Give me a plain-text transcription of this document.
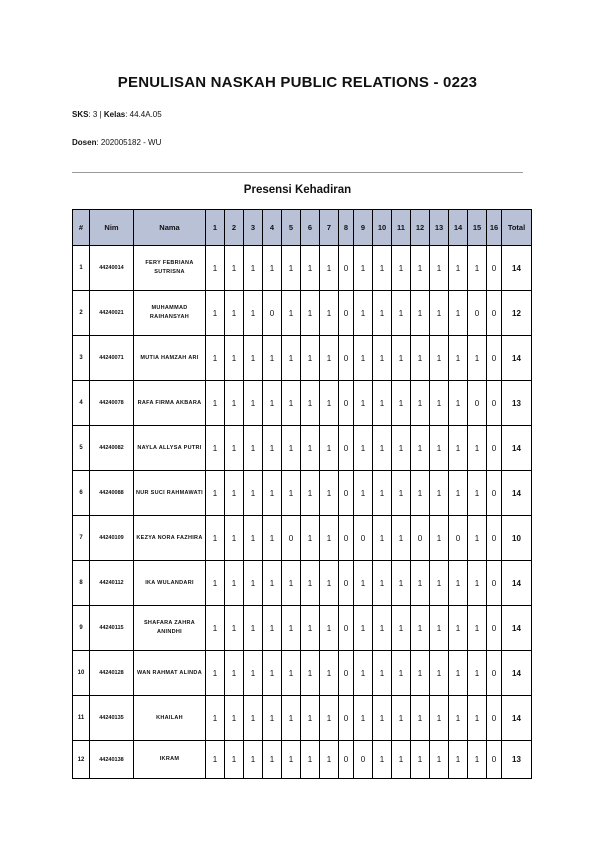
PENULISAN NASKAH PUBLIC RELATIONS - 0223
SKS: 3 | Kelas: 44.4A.05
Dosen: 202005182 - WU
Presensi Kehadiran
#	Nim	Nama	1	2	3	4	5	6	7	8	9	10	11	12	13	14	15	16	Total
1	44240014	FERY FEBRIANA SUTRISNA	1	1	1	1	1	1	1	0	1	1	1	1	1	1	1	0	14
2	44240021	MUHAMMAD RAIHANSYAH	1	1	1	0	1	1	1	0	1	1	1	1	1	1	0	0	12
3	44240071	MUTIA HAMZAH ARI	1	1	1	1	1	1	1	0	1	1	1	1	1	1	1	0	14
4	44240078	RAFA FIRMA AKBARA	1	1	1	1	1	1	1	0	1	1	1	1	1	1	0	0	13
5	44240082	NAYLA ALLYSA PUTRI	1	1	1	1	1	1	1	0	1	1	1	1	1	1	1	0	14
6	44240088	NUR SUCI RAHMAWATI	1	1	1	1	1	1	1	0	1	1	1	1	1	1	1	0	14
7	44240109	KEZYA NORA FAZHIRA	1	1	1	1	0	1	1	0	0	1	1	0	1	0	1	0	10
8	44240112	IKA WULANDARI	1	1	1	1	1	1	1	0	1	1	1	1	1	1	1	0	14
9	44240115	SHAFARA ZAHRA ANINDHI	1	1	1	1	1	1	1	0	1	1	1	1	1	1	1	0	14
10	44240128	WAN RAHMAT ALINDA	1	1	1	1	1	1	1	0	1	1	1	1	1	1	1	0	14
11	44240135	KHAILAH	1	1	1	1	1	1	1	0	1	1	1	1	1	1	1	0	14
12	44240138	IKRAM	1	1	1	1	1	1	1	0	0	1	1	1	1	1	1	0	13
